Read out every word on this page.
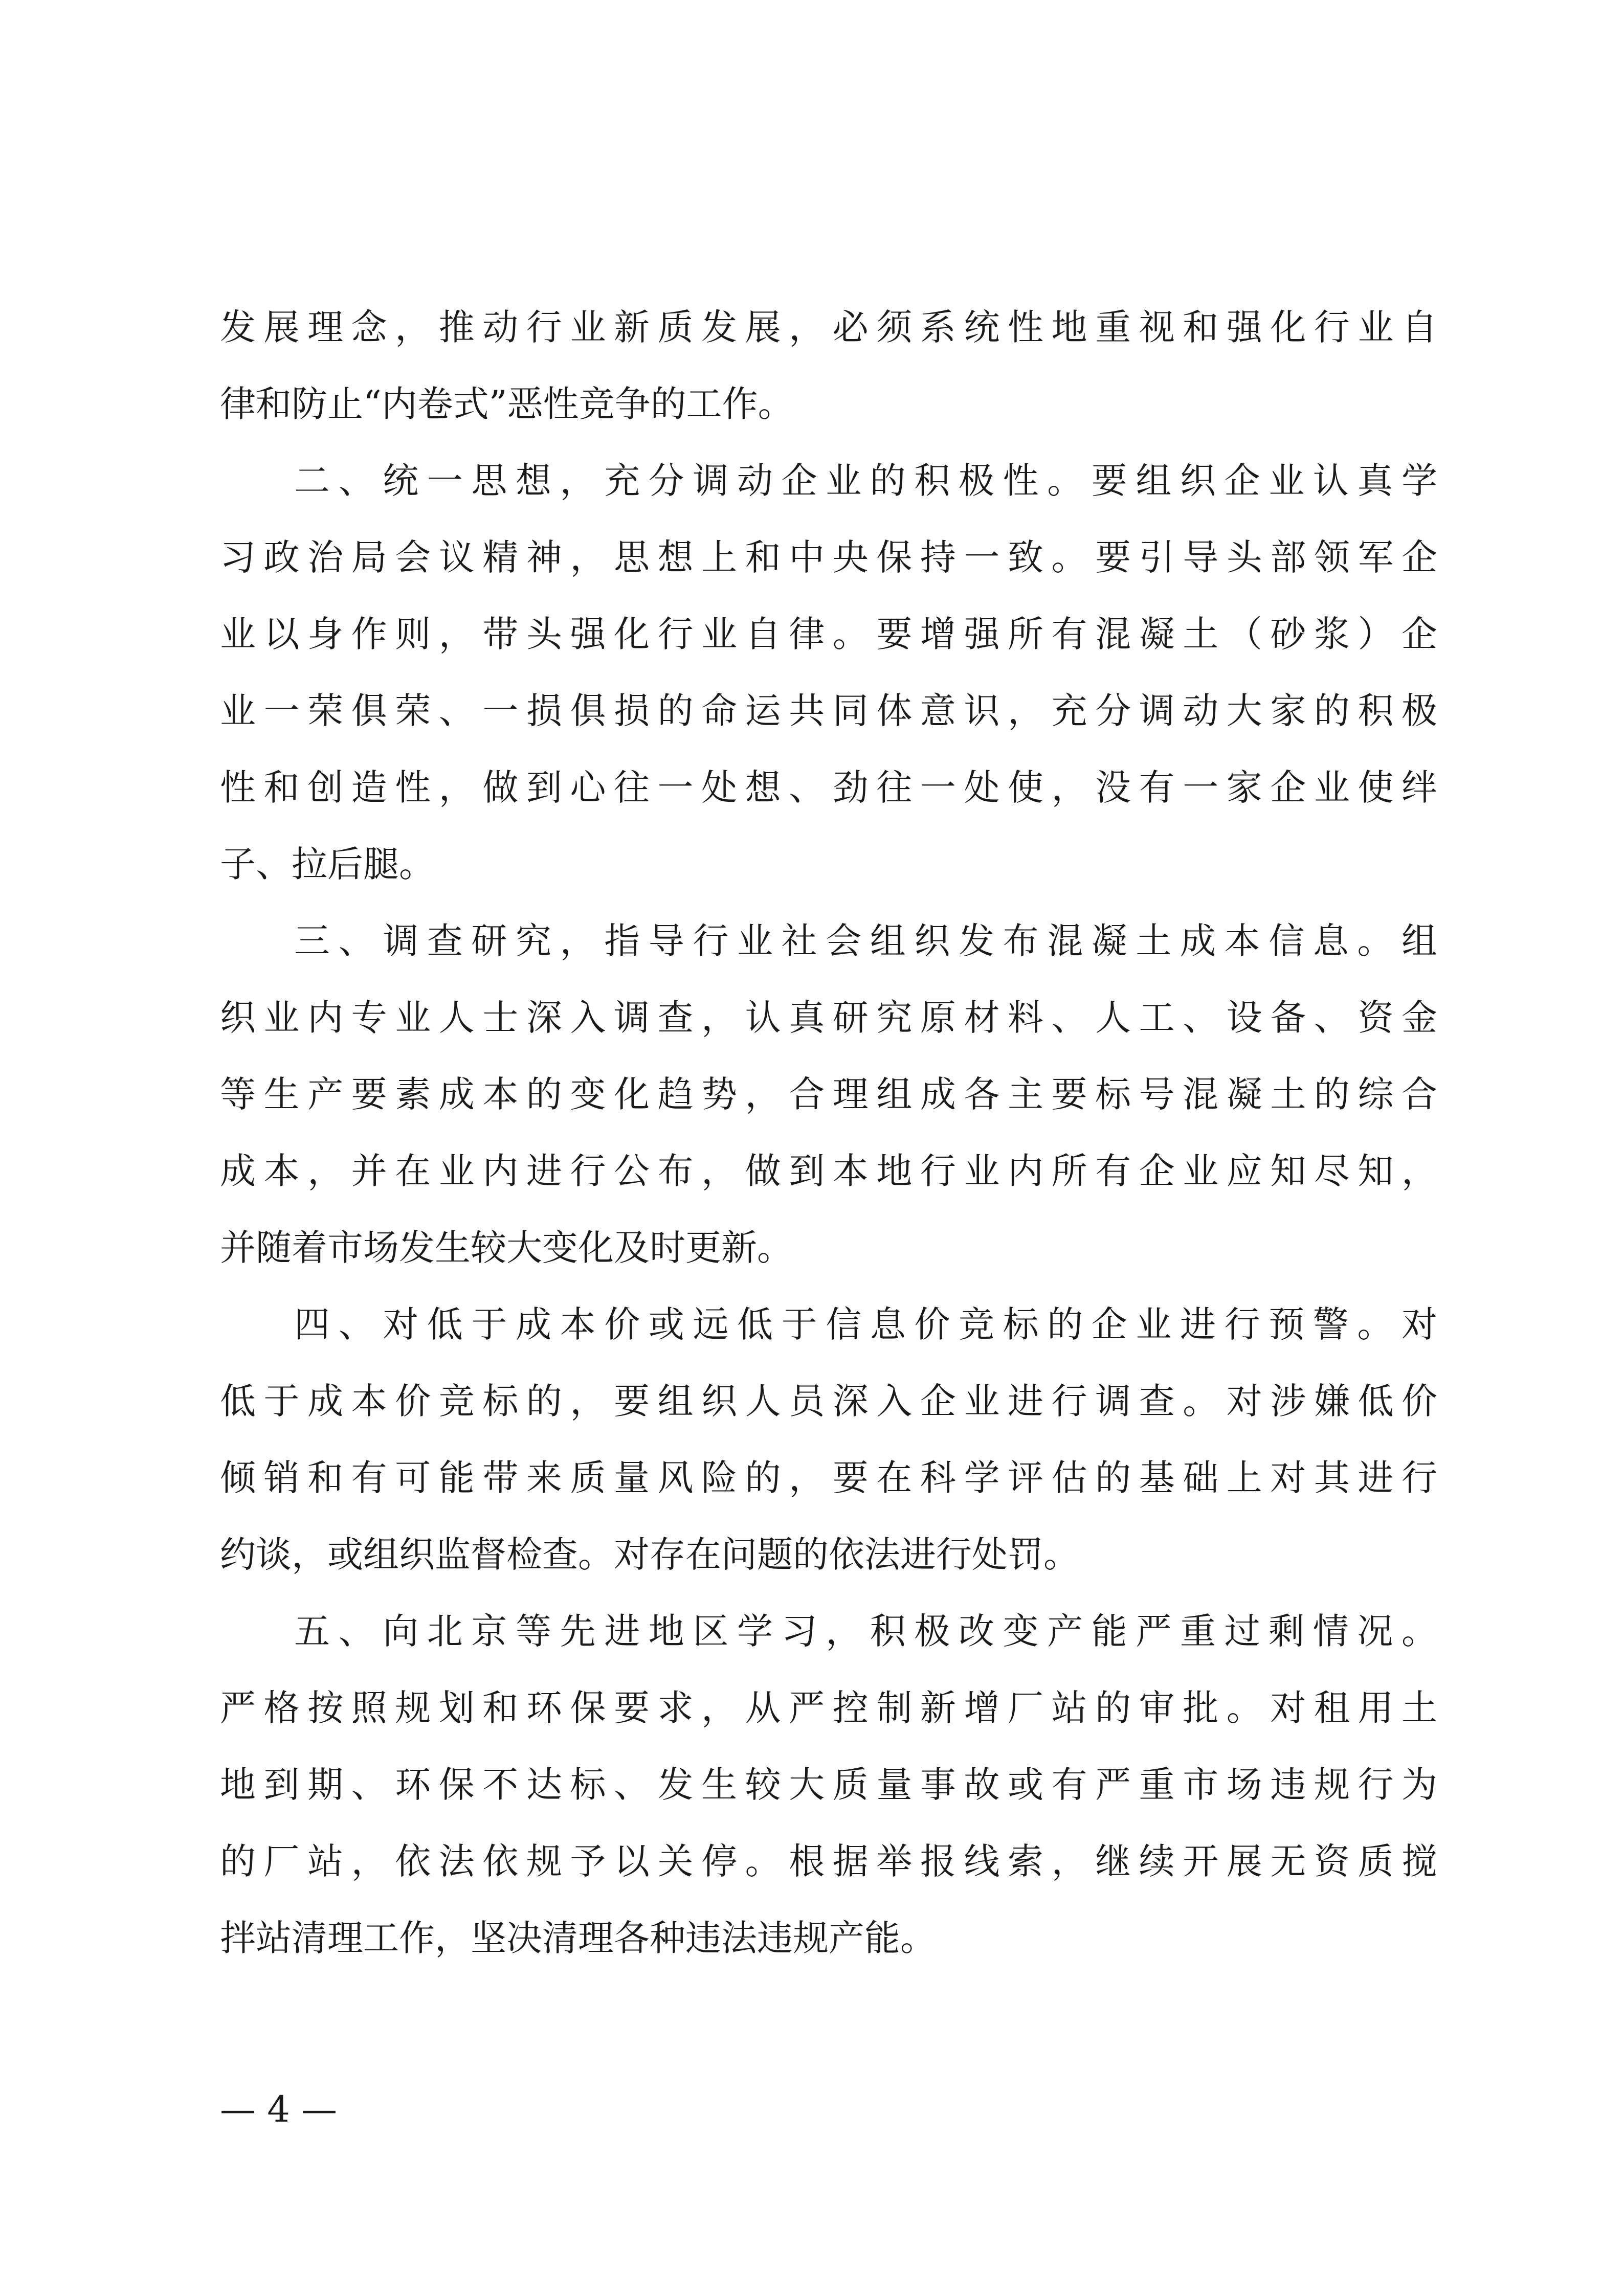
发展理念，推动行业新质发展，必须系统性地重视和强化行业自
律和防止“内卷式”恶性竞争的工作。
二、统一思想，充分调动企业的积极性。要组织企业认真学
习政治局会议精神，思想上和中央保持一致。要引导头部领军企
业以身作则，带头强化行业自律。要增强所有混凝土（砂浆）企
业一荣俱荣、一损俱损的命运共同体意识，充分调动大家的积极
性和创造性，做到心往一处想、劲往一处使，没有一家企业使绊
子、拉后腿。
三、调查研究，指导行业社会组织发布混凝土成本信息。组
织业内专业人士深入调查，认真研究原材料、人工、设备、资金
等生产要素成本的变化趋势，合理组成各主要标号混凝土的综合
成本，并在业内进行公布，做到本地行业内所有企业应知尽知，
并随着市场发生较大变化及时更新。
四、对低于成本价或远低于信息价竞标的企业进行预警。对
低于成本价竞标的，要组织人员深入企业进行调查。对涉嫌低价
倾销和有可能带来质量风险的，要在科学评估的基础上对其进行
约谈，或组织监督检查。对存在问题的依法进行处罚。
五、向北京等先进地区学习，积极改变产能严重过剩情况。
严格按照规划和环保要求，从严控制新增厂站的审批。对租用土
地到期、环保不达标、发生较大质量事故或有严重市场违规行为
的厂站，依法依规予以关停。根据举报线索，继续开展无资质搅
拌站清理工作，坚决清理各种违法违规产能。
— 4 —
